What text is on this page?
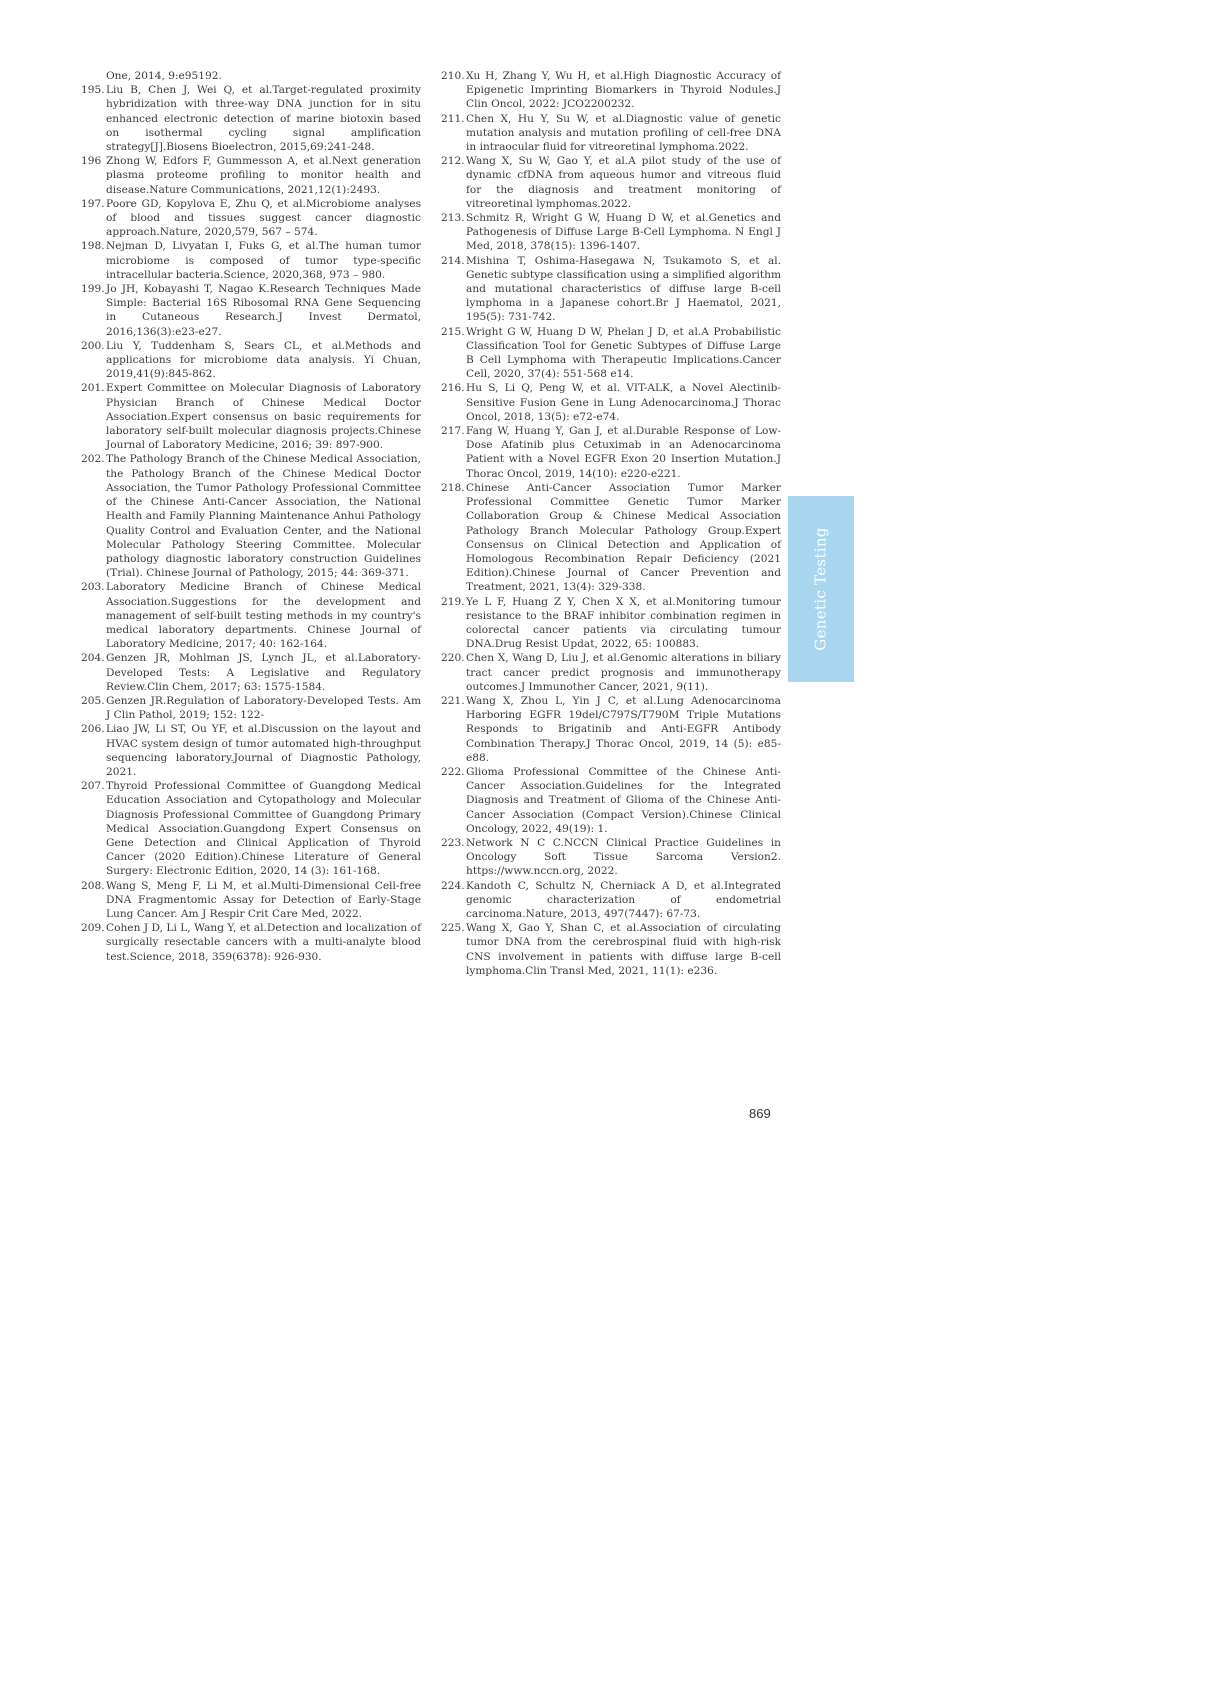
One, 2014, 9:e95192.
195. Liu B, Chen J, Wei Q, et al.Target-regulated proximity hybridization with three-way DNA junction for in situ enhanced electronic detection of marine biotoxin based on isothermal cycling signal amplification strategy[J].Biosens Bioelectron, 2015,69:241-248.
196 Zhong W, Edfors F, Gummesson A, et al.Next generation plasma proteome profiling to monitor health and disease.Nature Communications, 2021,12(1):2493.
197. Poore GD, Kopylova E, Zhu Q, et al.Microbiome analyses of blood and tissues suggest cancer diagnostic approach.Nature, 2020,579, 567 – 574.
198. Nejman D, Livyatan I, Fuks G, et al.The human tumor microbiome is composed of tumor type-specific intracellular bacteria.Science, 2020,368, 973 – 980.
199. Jo JH, Kobayashi T, Nagao K.Research Techniques Made Simple: Bacterial 16S Ribosomal RNA Gene Sequencing in Cutaneous Research.J Invest Dermatol, 2016,136(3):e23-e27.
200. Liu Y, Tuddenham S, Sears CL, et al.Methods and applications for microbiome data analysis. Yi Chuan, 2019,41(9):845-862.
201. Expert Committee on Molecular Diagnosis of Laboratory Physician Branch of Chinese Medical Doctor Association.Expert consensus on basic requirements for laboratory self-built molecular diagnosis projects.Chinese Journal of Laboratory Medicine, 2016; 39: 897-900.
202. The Pathology Branch of the Chinese Medical Association, the Pathology Branch of the Chinese Medical Doctor Association, the Tumor Pathology Professional Committee of the Chinese Anti-Cancer Association, the National Health and Family Planning Maintenance Anhui Pathology Quality Control and Evaluation Center, and the National Molecular Pathology Steering Committee. Molecular pathology diagnostic laboratory construction Guidelines (Trial). Chinese Journal of Pathology, 2015; 44: 369-371.
203. Laboratory Medicine Branch of Chinese Medical Association.Suggestions for the development and management of self-built testing methods in my country's medical laboratory departments. Chinese Journal of Laboratory Medicine, 2017; 40: 162-164.
204. Genzen JR, Mohlman JS, Lynch JL, et al.Laboratory-Developed Tests: A Legislative and Regulatory Review.Clin Chem, 2017; 63: 1575-1584.
205. Genzen JR.Regulation of Laboratory-Developed Tests. Am J Clin Pathol, 2019; 152: 122-
206. Liao JW, Li ST, Ou YF, et al.Discussion on the layout and HVAC system design of tumor automated high-throughput sequencing laboratory.Journal of Diagnostic Pathology, 2021.
207. Thyroid Professional Committee of Guangdong Medical Education Association and Cytopathology and Molecular Diagnosis Professional Committee of Guangdong Primary Medical Association.Guangdong Expert Consensus on Gene Detection and Clinical Application of Thyroid Cancer (2020 Edition).Chinese Literature of General Surgery: Electronic Edition, 2020, 14 (3): 161-168.
208. Wang S, Meng F, Li M, et al.Multi-Dimensional Cell-free DNA Fragmentomic Assay for Detection of Early-Stage Lung Cancer. Am J Respir Crit Care Med, 2022.
209. Cohen J D, Li L, Wang Y, et al.Detection and localization of surgically resectable cancers with a multi-analyte blood test.Science, 2018, 359(6378): 926-930.
210. Xu H, Zhang Y, Wu H, et al.High Diagnostic Accuracy of Epigenetic Imprinting Biomarkers in Thyroid Nodules.J Clin Oncol, 2022: JCO2200232.
211. Chen X, Hu Y, Su W, et al.Diagnostic value of genetic mutation analysis and mutation profiling of cell-free DNA in intraocular fluid for vitreoretinal lymphoma.2022.
212. Wang X, Su W, Gao Y, et al.A pilot study of the use of dynamic cfDNA from aqueous humor and vitreous fluid for the diagnosis and treatment monitoring of vitreoretinal lymphomas.2022.
213. Schmitz R, Wright G W, Huang D W, et al.Genetics and Pathogenesis of Diffuse Large B-Cell Lymphoma. N Engl J Med, 2018, 378(15): 1396-1407.
214. Mishina T, Oshima-Hasegawa N, Tsukamoto S, et al. Genetic subtype classification using a simplified algorithm and mutational characteristics of diffuse large B-cell lymphoma in a Japanese cohort.Br J Haematol, 2021, 195(5): 731-742.
215. Wright G W, Huang D W, Phelan J D, et al.A Probabilistic Classification Tool for Genetic Subtypes of Diffuse Large B Cell Lymphoma with Therapeutic Implications.Cancer Cell, 2020, 37(4): 551-568 e14.
216. Hu S, Li Q, Peng W, et al. VIT-ALK, a Novel Alectinib-Sensitive Fusion Gene in Lung Adenocarcinoma.J Thorac Oncol, 2018, 13(5): e72-e74.
217. Fang W, Huang Y, Gan J, et al.Durable Response of Low-Dose Afatinib plus Cetuximab in an Adenocarcinoma Patient with a Novel EGFR Exon 20 Insertion Mutation.J Thorac Oncol, 2019, 14(10): e220-e221.
218. Chinese Anti-Cancer Association Tumor Marker Professional Committee Genetic Tumor Marker Collaboration Group & Chinese Medical Association Pathology Branch Molecular Pathology Group.Expert Consensus on Clinical Detection and Application of Homologous Recombination Repair Deficiency (2021 Edition).Chinese Journal of Cancer Prevention and Treatment, 2021, 13(4): 329-338.
219. Ye L F, Huang Z Y, Chen X X, et al.Monitoring tumour resistance to the BRAF inhibitor combination regimen in colorectal cancer patients via circulating tumour DNA.Drug Resist Updat, 2022, 65: 100883.
220. Chen X, Wang D, Liu J, et al.Genomic alterations in biliary tract cancer predict prognosis and immunotherapy outcomes.J Immunother Cancer, 2021, 9(11).
221. Wang X, Zhou L, Yin J C, et al.Lung Adenocarcinoma Harboring EGFR 19del/C797S/T790M Triple Mutations Responds to Brigatinib and Anti-EGFR Antibody Combination Therapy.J Thorac Oncol, 2019, 14 (5): e85-e88.
222. Glioma Professional Committee of the Chinese Anti-Cancer Association.Guidelines for the Integrated Diagnosis and Treatment of Glioma of the Chinese Anti-Cancer Association (Compact Version).Chinese Clinical Oncology, 2022, 49(19): 1.
223. Network N C C.NCCN Clinical Practice Guidelines in Oncology Soft Tissue Sarcoma Version2. https://www.nccn.org, 2022.
224. Kandoth C, Schultz N, Cherniack A D, et al.Integrated genomic characterization of endometrial carcinoma.Nature, 2013, 497(7447): 67-73.
225. Wang X, Gao Y, Shan C, et al.Association of circulating tumor DNA from the cerebrospinal fluid with high-risk CNS involvement in patients with diffuse large B-cell lymphoma.Clin Transl Med, 2021, 11(1): e236.
Genetic Testing
869
